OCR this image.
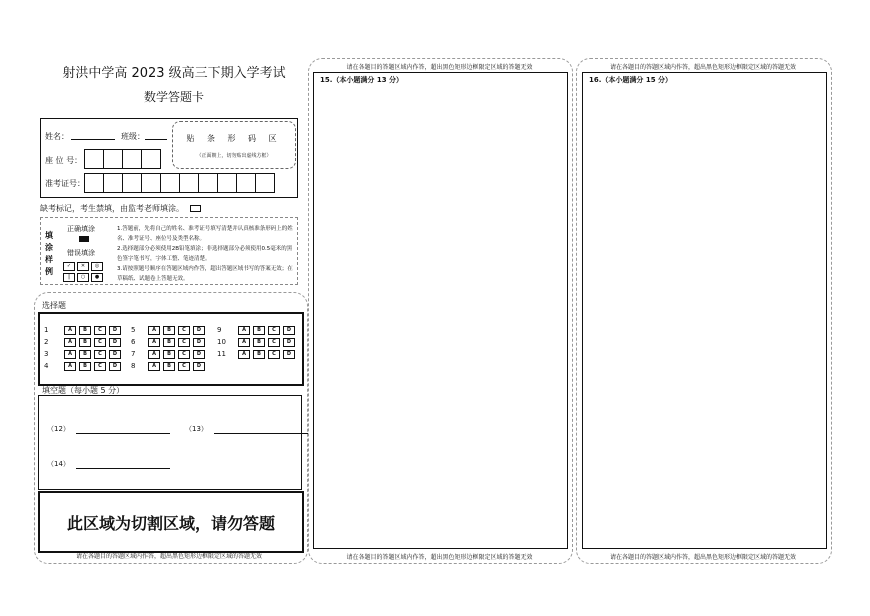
射洪中学高 2023 级高三下期入学考试
数学答题卡
姓名：	班级：
座 位 号：
准考证号：
贴 条 形 码 区
（正面朝上，切勿贴出虚线方框）
缺考标记，考生禁填，由监考老师填涂。
填
涂
样
例
正确填涂
错误填涂
✓	✕	◎
|	○	●
1.答题前，先将自己的姓名、准考证号填写清楚并认真核准条形码上的姓名、准考证号、座位号及类型名称。
2.选择题部分必须使用2B铅笔填涂；非选择题部分必须使用0.5毫米的黑色签字笔书写，字体工整、笔迹清楚。
3.请按照题号顺序在答题区域内作答，超出答题区域书写的答案无效；在草稿纸、试题卷上答题无效。
选择题
1	A	B	C	D
2	A	B	C	D
3	A	B	C	D
4	A	B	C	D
5	A	B	C	D
6	A	B	C	D
7	A	B	C	D
8	A	B	C	D
9	A	B	C	D
10	A	B	C	D
11	A	B	C	D
填空题（每小题 5 分）
（12）	（13）
（14）
此区域为切割区域，请勿答题
请在各题目的答题区域内作答，超出黑色矩形边框限定区域的答题无效
请在各题目的答题区域内作答，超出黑色矩形边框限定区域的答题无效
15.（本小题满分 13 分）
请在各题目的答题区域内作答，超出黑色矩形边框限定区域的答题无效
请在各题目的答题区域内作答，超出黑色矩形边框限定区域的答题无效
16.（本小题满分 15 分）
请在各题目的答题区域内作答，超出黑色矩形边框限定区域的答题无效
